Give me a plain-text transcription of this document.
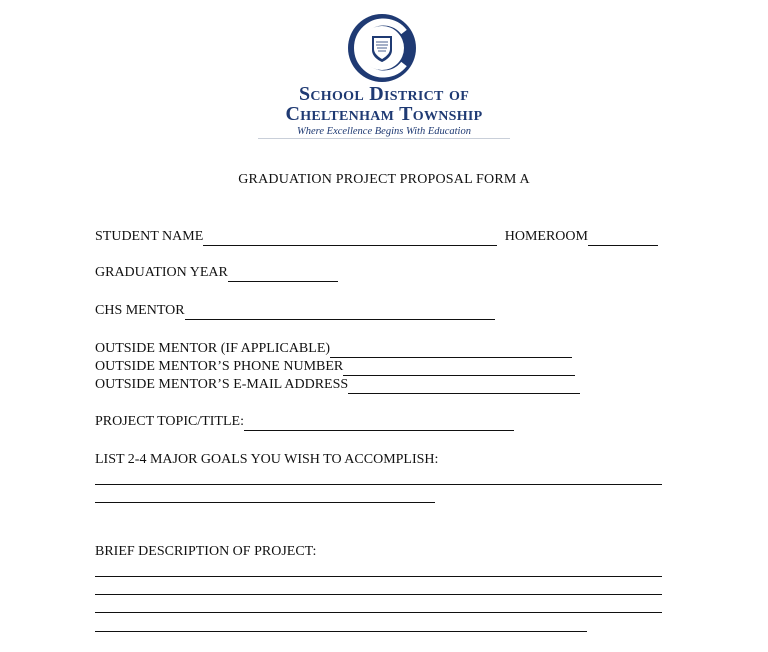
School District of
Cheltenham Township
Where Excellence Begins With Education
GRADUATION PROJECT PROPOSAL FORM A
STUDENT NAME	HOMEROOM
GRADUATION YEAR
CHS MENTOR
OUTSIDE MENTOR (IF APPLICABLE)
OUTSIDE MENTOR’S PHONE NUMBER
OUTSIDE MENTOR’S E-MAIL ADDRESS
PROJECT TOPIC/TITLE:
LIST 2-4 MAJOR GOALS YOU WISH TO ACCOMPLISH:
BRIEF DESCRIPTION OF PROJECT:
